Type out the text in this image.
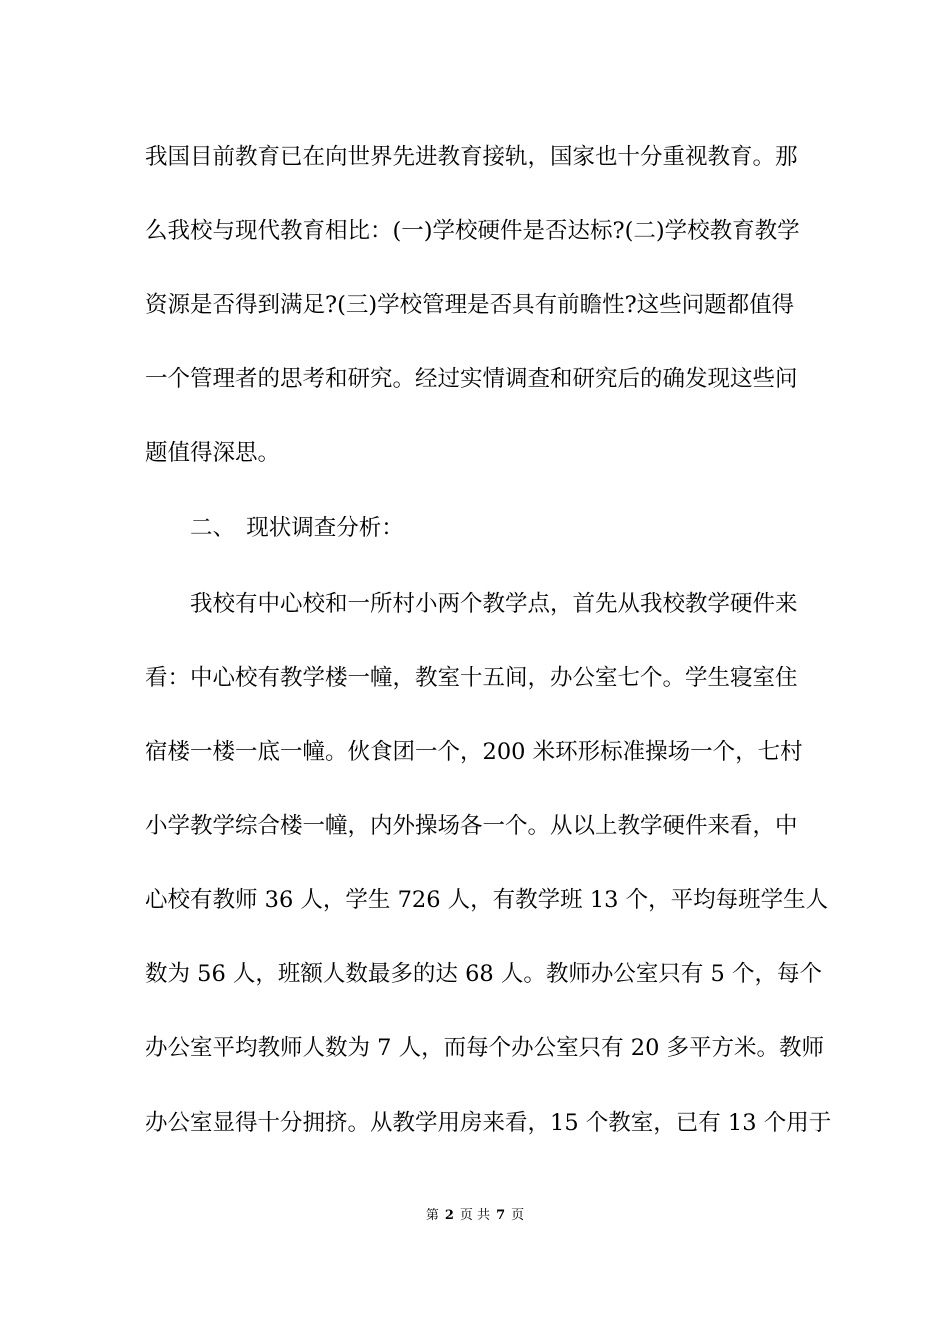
我国目前教育已在向世界先进教育接轨，国家也十分重视教育。那
么我校与现代教育相比：(一)学校硬件是否达标?(二)学校教育教学
资源是否得到满足?(三)学校管理是否具有前瞻性?这些问题都值得
一个管理者的思考和研究。经过实情调查和研究后的确发现这些问
题值得深思。
　　二、　现状调查分析：
　　我校有中心校和一所村小两个教学点，首先从我校教学硬件来
看：中心校有教学楼一幢，教室十五间，办公室七个。学生寝室住
宿楼一楼一底一幢。伙食团一个，200 米环形标准操场一个，七村
小学教学综合楼一幢，内外操场各一个。从以上教学硬件来看，中
心校有教师 36 人，学生 726 人，有教学班 13 个，平均每班学生人
数为 56 人，班额人数最多的达 68 人。教师办公室只有 5 个，每个
办公室平均教师人数为 7 人，而每个办公室只有 20 多平方米。教师
办公室显得十分拥挤。从教学用房来看，15 个教室，已有 13 个用于
第 2 页 共 7 页
